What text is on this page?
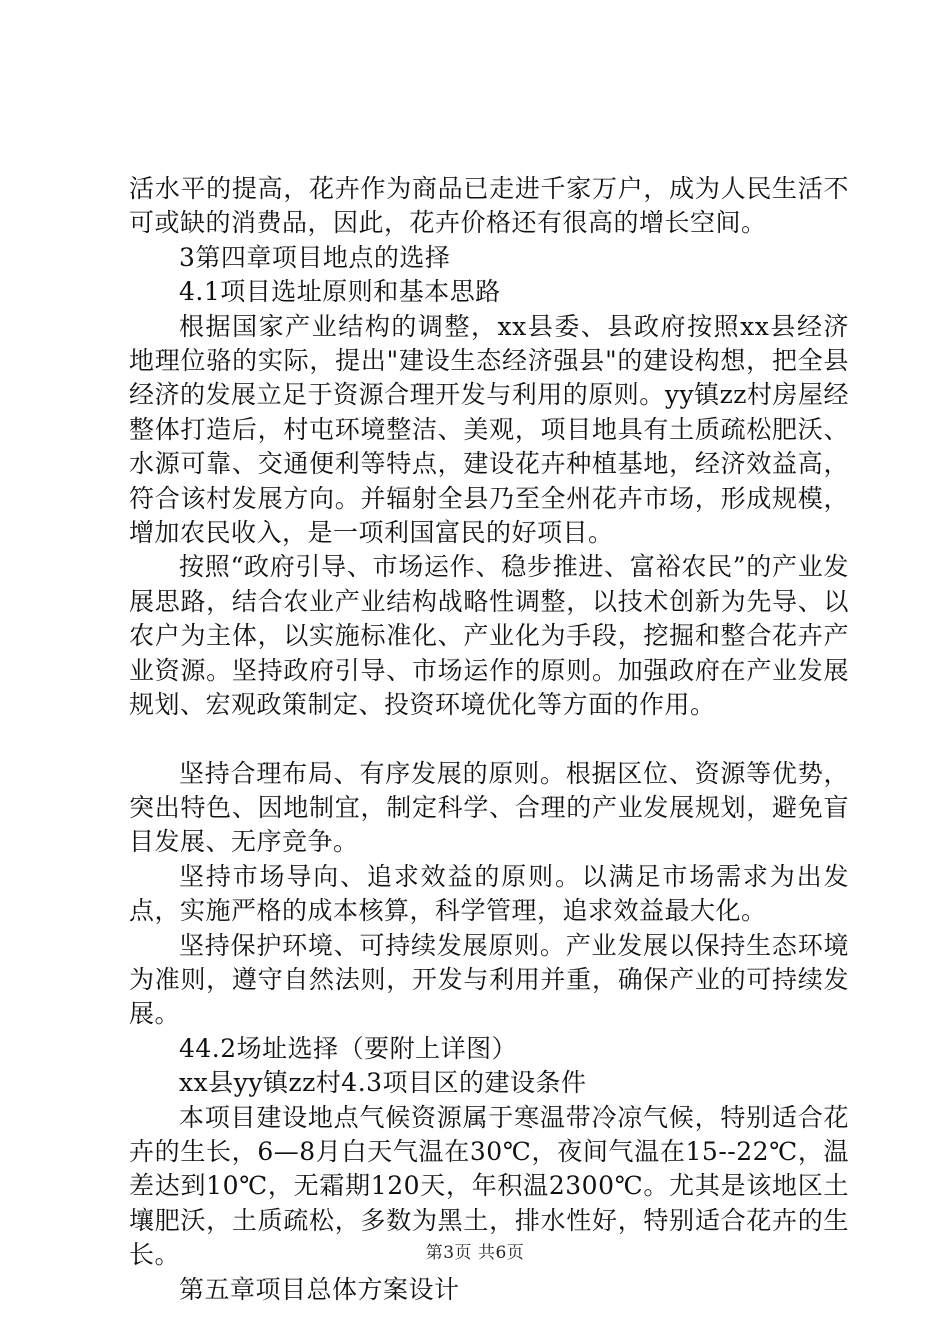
活水平的提高，花卉作为商品已走进千家万户，成为人民生活不可或缺的消费品，因此，花卉价格还有很高的增长空间。

3第四章项目地点的选择

4.1项目选址原则和基本思路

根据国家产业结构的调整，xx县委、县政府按照xx县经济地理位骆的实际，提出"建设生态经济强县"的建设构想，把全县经济的发展立足于资源合理开发与利用的原则。yy镇zz村房屋经整体打造后，村屯环境整洁、美观，项目地具有土质疏松肥沃、水源可靠、交通便利等特点，建设花卉种植基地，经济效益高，符合该村发展方向。并辐射全县乃至全州花卉市场，形成规模，增加农民收入，是一项利国富民的好项目。

按照“政府引导、市场运作、稳步推进、富裕农民”的产业发展思路，结合农业产业结构战略性调整，以技术创新为先导、以农户为主体，以实施标准化、产业化为手段，挖掘和整合花卉产业资源。坚持政府引导、市场运作的原则。加强政府在产业发展规划、宏观政策制定、投资环境优化等方面的作用。

坚持合理布局、有序发展的原则。根据区位、资源等优势，突出特色、因地制宜，制定科学、合理的产业发展规划，避免盲目发展、无序竞争。

坚持市场导向、追求效益的原则。以满足市场需求为出发点，实施严格的成本核算，科学管理，追求效益最大化。

坚持保护环境、可持续发展原则。产业发展以保持生态环境为准则，遵守自然法则，开发与利用并重，确保产业的可持续发展。

44.2场址选择（要附上详图）

xx县yy镇zz村4.3项目区的建设条件

本项目建设地点气候资源属于寒温带冷凉气候，特别适合花卉的生长，6—8月白天气温在30℃，夜间气温在15--22℃，温差达到10℃，无霜期120天，年积温2300℃。尤其是该地区土壤肥沃，土质疏松，多数为黑土，排水性好，特别适合花卉的生长。

第五章项目总体方案设计

第3页 共6页
